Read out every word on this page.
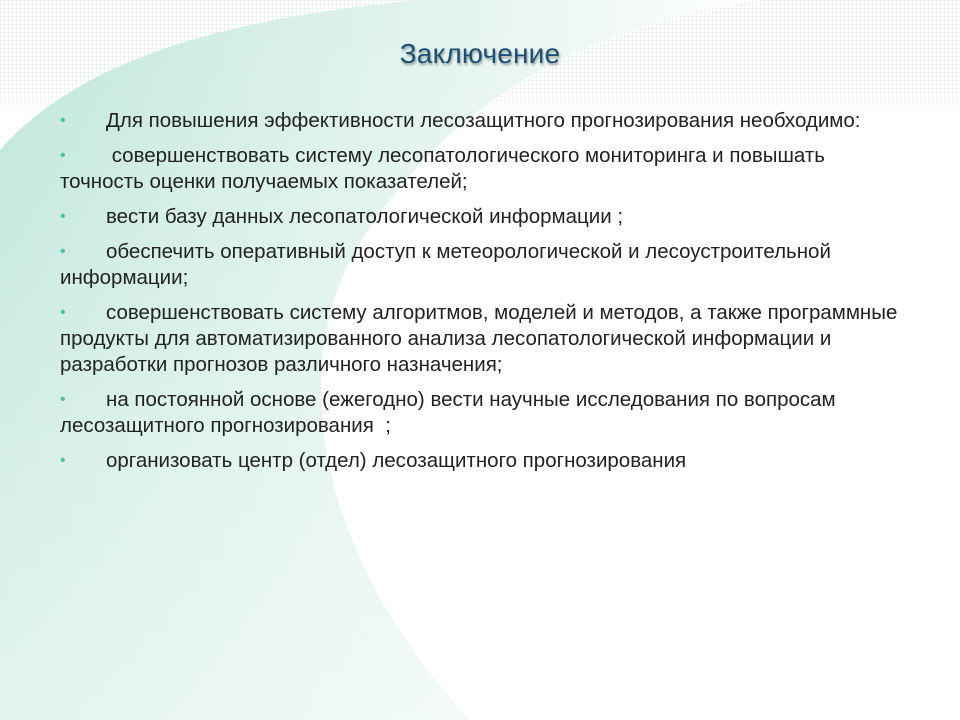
Заключение
• Для повышения эффективности лесозащитного прогнозирования необходимо:
• совершенствовать систему лесопатологического мониторинга и повышать точность оценки получаемых показателей;
• вести базу данных лесопатологической информации ;
• обеспечить оперативный доступ к метеорологической и лесоустроительной информации;
• совершенствовать систему алгоритмов, моделей и методов, а также программные продукты для автоматизированного анализа лесопатологической информации и разработки прогнозов различного назначения;
• на постоянной основе (ежегодно) вести научные исследования по вопросам  лесозащитного прогнозирования  ;
• организовать центр (отдел) лесозащитного прогнозирования
